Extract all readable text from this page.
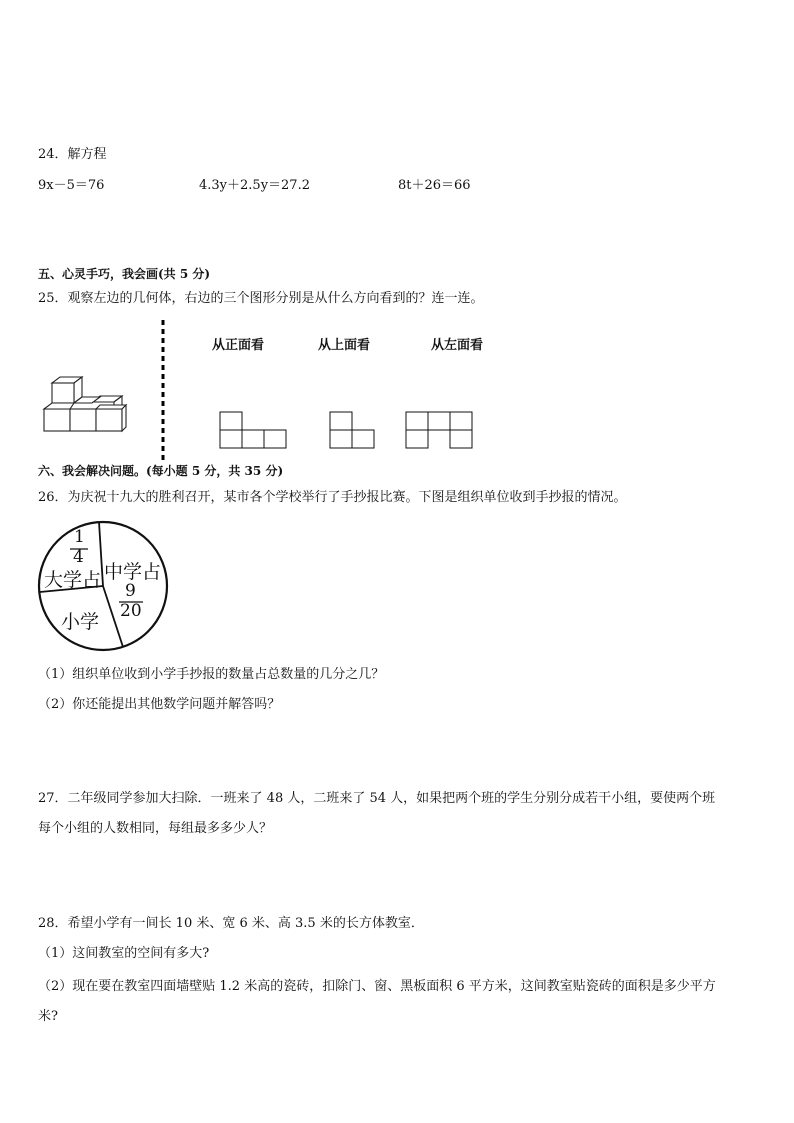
24．解方程
9x－5＝76	4.3y＋2.5y＝27.2	8t＋26＝66
五、心灵手巧，我会画(共 5 分)
25．观察左边的几何体，右边的三个图形分别是从什么方向看到的？连一连。
从正面看	从上面看	从左面看
六、我会解决问题。(每小题 5 分，共 35 分)
26．为庆祝十九大的胜利召开，某市各个学校举行了手抄报比赛。下图是组织单位收到手抄报的情况。
1
4
大学占 中学占
9
20
小学
（1）组织单位收到小学手抄报的数量占总数量的几分之几？
（2）你还能提出其他数学问题并解答吗？
27．二年级同学参加大扫除．一班来了 48 人，二班来了 54 人，如果把两个班的学生分别分成若干小组，要使两个班
每个小组的人数相同，每组最多多少人？
28．希望小学有一间长 10 米、宽 6 米、高 3.5 米的长方体教室．
（1）这间教室的空间有多大?
（2）现在要在教室四面墙壁贴 1.2 米高的瓷砖，扣除门、窗、黑板面积 6 平方米，这间教室贴瓷砖的面积是多少平方
米?
